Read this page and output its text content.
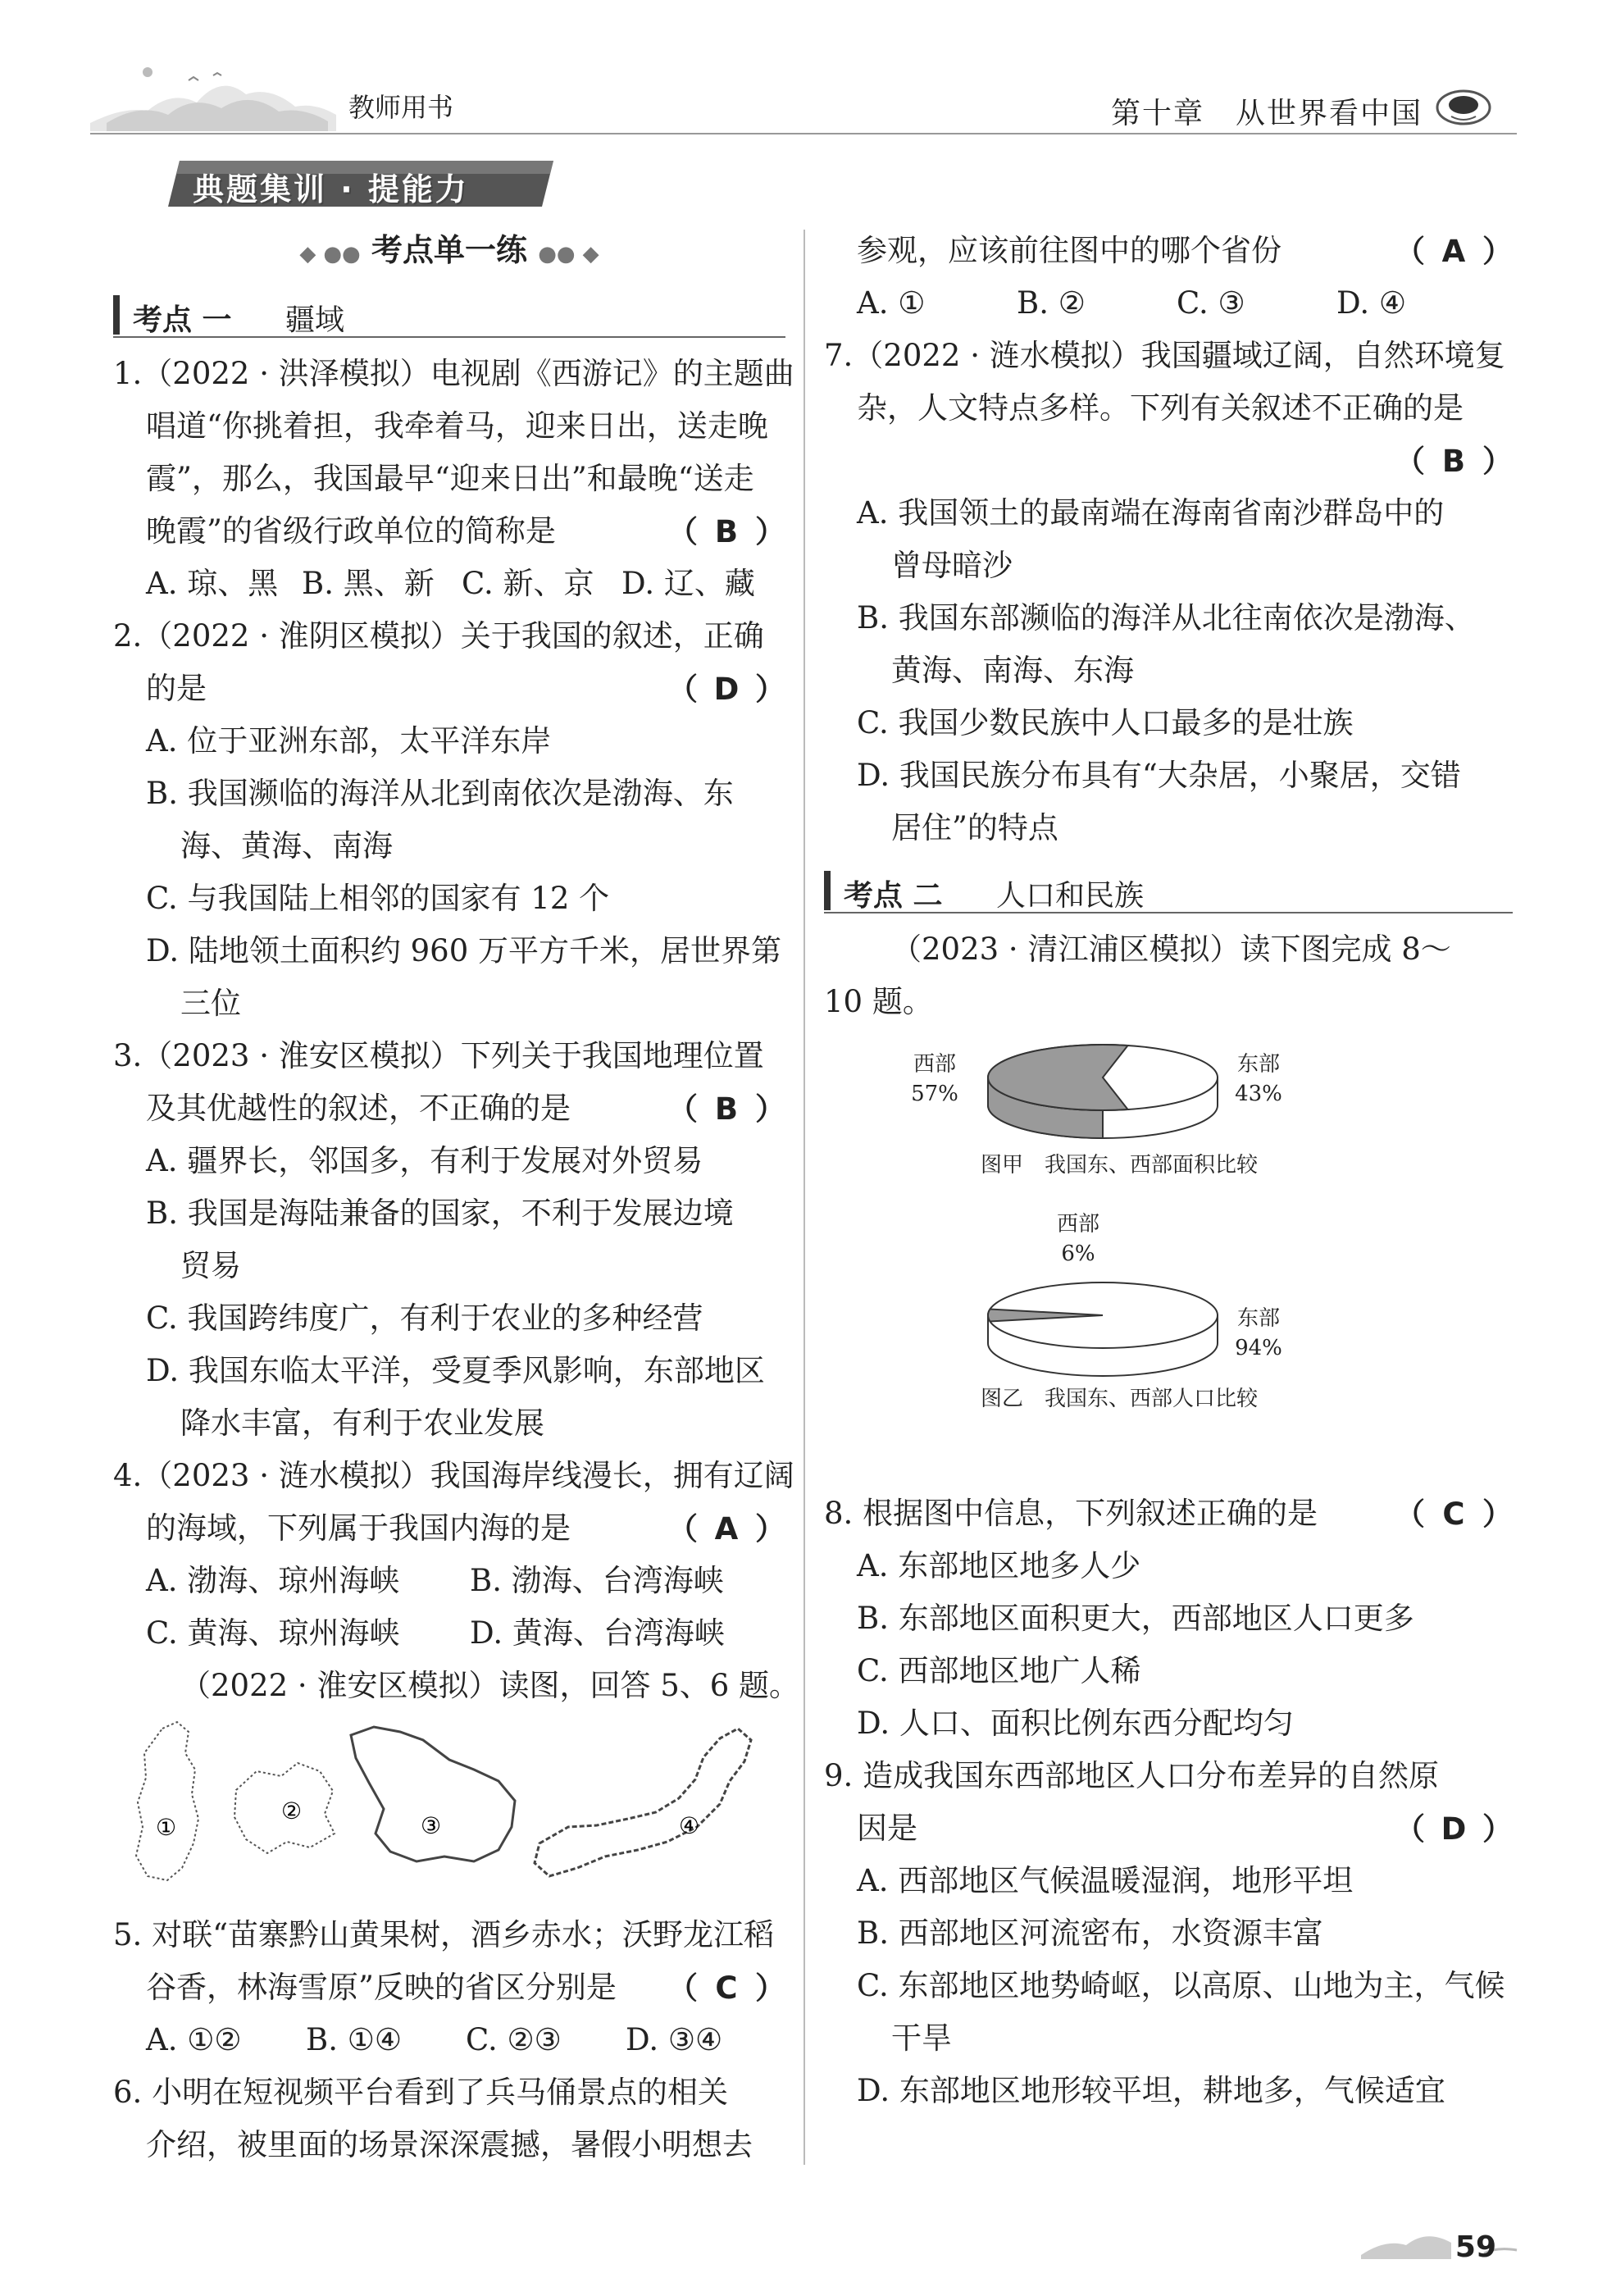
教师用书	第十章　从世界看中国
典题集训 · 提能力
◆ ●● 考点单一练 ●● ◆
考点 一 疆域
1.（2022 · 洪泽模拟）电视剧《西游记》的主题曲
唱道“你挑着担，我牵着马，迎来日出，送走晚
霞”，那么，我国最早“迎来日出”和最晚“送走
晚霞”的省级行政单位的简称是	（ B ）
A. 琼、黑 B. 黑、新 C. 新、京 D. 辽、藏
2.（2022 · 淮阴区模拟）关于我国的叙述，正确
的是	（ D ）
A. 位于亚洲东部，太平洋东岸
B. 我国濒临的海洋从北到南依次是渤海、东
海、黄海、南海
C. 与我国陆上相邻的国家有 12 个
D. 陆地领土面积约 960 万平方千米，居世界第
三位
3.（2023 · 淮安区模拟）下列关于我国地理位置
及其优越性的叙述，不正确的是	（ B ）
A. 疆界长，邻国多，有利于发展对外贸易
B. 我国是海陆兼备的国家，不利于发展边境
贸易
C. 我国跨纬度广，有利于农业的多种经营
D. 我国东临太平洋，受夏季风影响，东部地区
降水丰富，有利于农业发展
4.（2023 · 涟水模拟）我国海岸线漫长，拥有辽阔
的海域，下列属于我国内海的是	（ A ）
A. 渤海、琼州海峡	B. 渤海、台湾海峡
C. 黄海、琼州海峡	D. 黄海、台湾海峡
（2022 · 淮安区模拟）读图，回答 5、6 题。
①
②
③	④
5. 对联“苗寨黔山黄果树，酒乡赤水；沃野龙江稻
谷香，林海雪原”反映的省区分别是 （ C ）
A. ①②	B. ①④	C. ②③	D. ③④
6. 小明在短视频平台看到了兵马俑景点的相关
介绍，被里面的场景深深震撼，暑假小明想去
参观，应该前往图中的哪个省份	（ A ）
A. ①	B. ②	C. ③	D. ④
7.（2022 · 涟水模拟）我国疆域辽阔，自然环境复
杂，人文特点多样。下列有关叙述不正确的是
（ B ）
A. 我国领土的最南端在海南省南沙群岛中的
曾母暗沙
B. 我国东部濒临的海洋从北往南依次是渤海、
黄海、南海、东海
C. 我国少数民族中人口最多的是壮族
D. 我国民族分布具有“大杂居，小聚居，交错
居住”的特点
考点 二 人口和民族
（2023 · 清江浦区模拟）读下图完成 8～
10 题。
西部
57%
东部
43%
图甲　我国东、西部面积比较
西部
6%
东部
94%
图乙　我国东、西部人口比较
8. 根据图中信息，下列叙述正确的是	（ C ）
A. 东部地区地多人少
B. 东部地区面积更大，西部地区人口更多
C. 西部地区地广人稀
D. 人口、面积比例东西分配均匀
9. 造成我国东西部地区人口分布差异的自然原
因是	（ D ）
A. 西部地区气候温暖湿润，地形平坦
B. 西部地区河流密布，水资源丰富
C. 东部地区地势崎岖，以高原、山地为主，气候
干旱
D. 东部地区地形较平坦，耕地多，气候适宜
59
